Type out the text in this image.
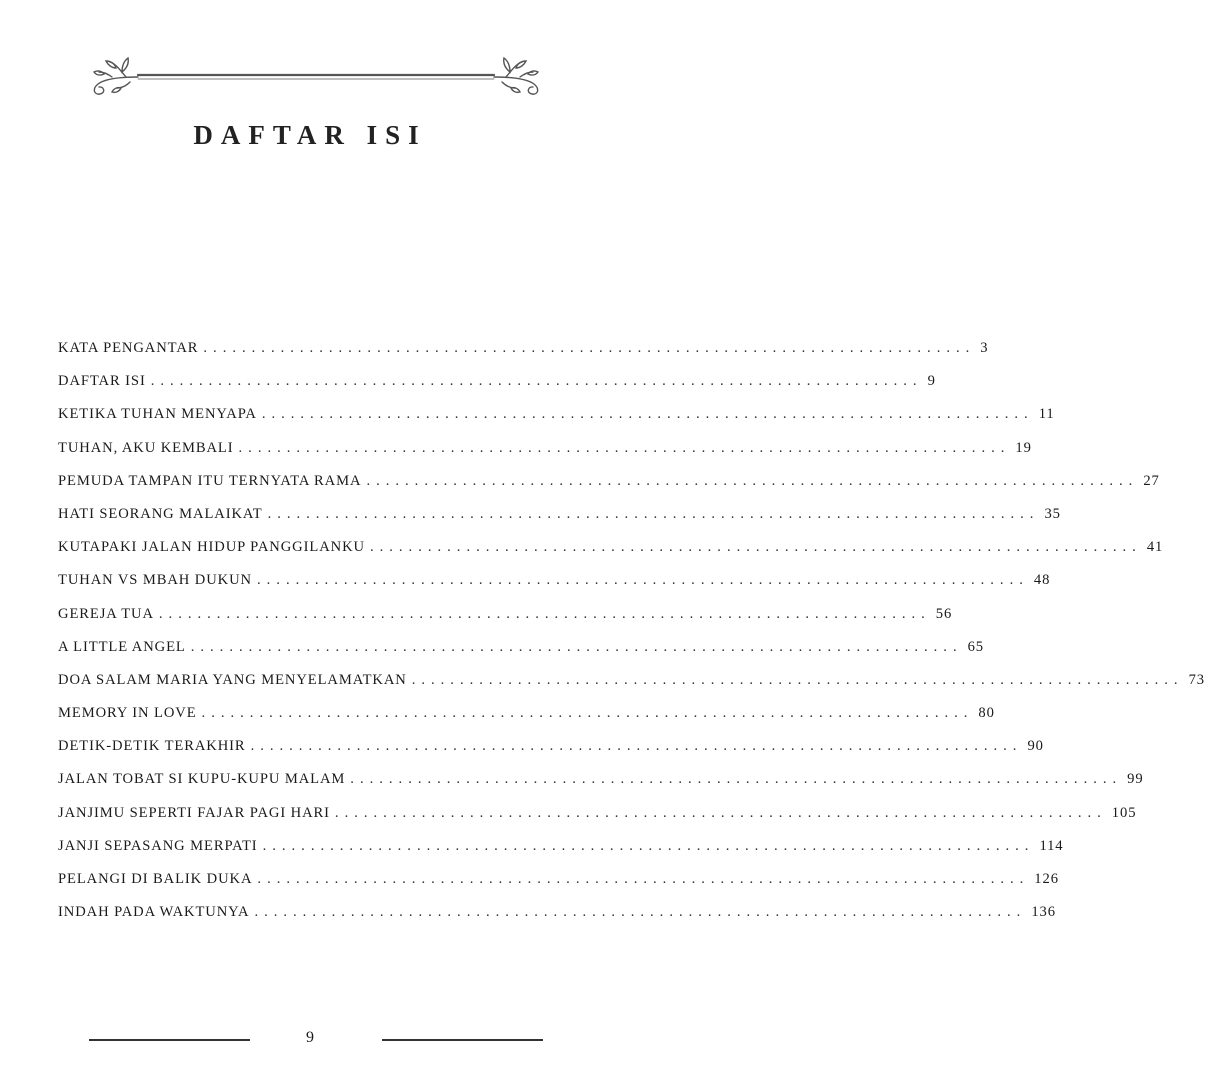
DAFTAR ISI
KATA PENGANTAR ................................................................................ 3
DAFTAR ISI ................................................................................ 9
KETIKA TUHAN MENYAPA ................................................................................ 11
TUHAN, AKU KEMBALI ................................................................................ 19
PEMUDA TAMPAN ITU TERNYATA RAMA ................................................................................ 27
HATI SEORANG MALAIKAT ................................................................................ 35
KUTAPAKI JALAN HIDUP PANGGILANKU ................................................................................ 41
TUHAN VS MBAH DUKUN ................................................................................ 48
GEREJA TUA ................................................................................ 56
A LITTLE ANGEL ................................................................................ 65
DOA SALAM MARIA YANG MENYELAMATKAN ................................................................................ 73
MEMORY IN LOVE ................................................................................ 80
DETIK-DETIK TERAKHIR ................................................................................ 90
JALAN TOBAT SI KUPU-KUPU MALAM ................................................................................ 99
JANJIMU SEPERTI FAJAR PAGI HARI ................................................................................ 105
JANJI SEPASANG MERPATI ................................................................................ 114
PELANGI DI BALIK DUKA ................................................................................ 126
INDAH PADA WAKTUNYA ................................................................................ 136
9
